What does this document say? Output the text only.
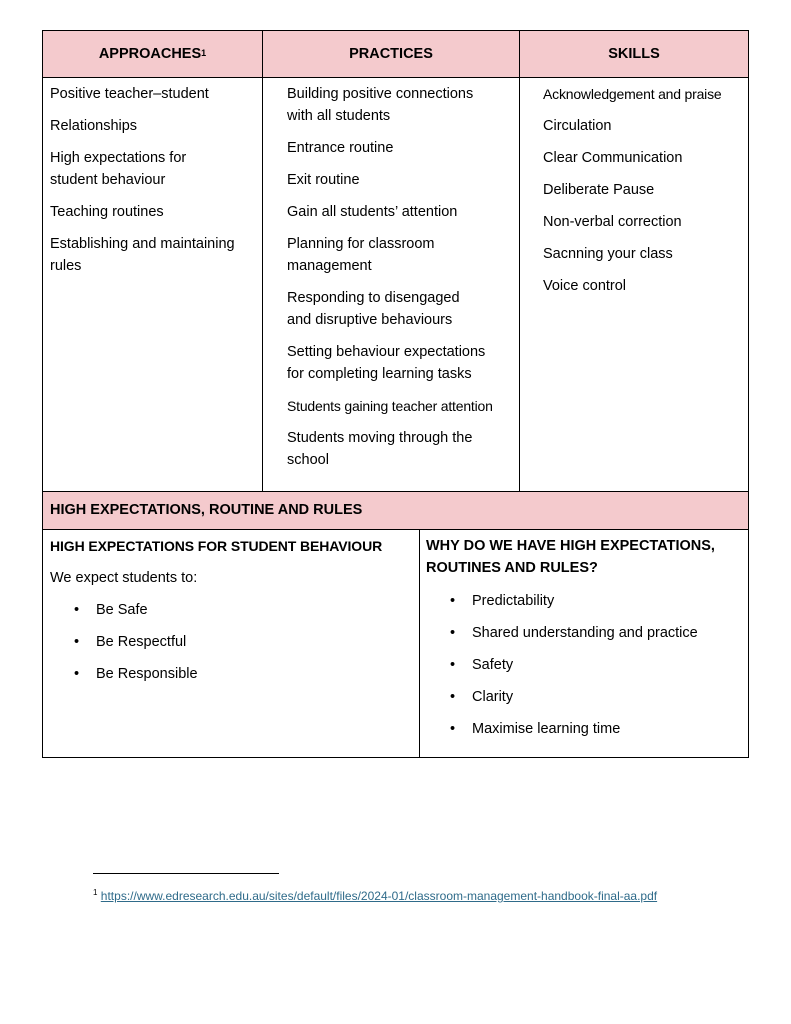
APPROACHES$^1$	PRACTICES	SKILLS

Positive teacher–student

Relationships

High expectations for student behaviour

Teaching routines

Establishing and maintaining rules

Building positive connections with all students

Entrance routine

Exit routine

Gain all students’ attention

Planning for classroom management

Responding to disengaged and disruptive behaviours

Setting behaviour expectations for completing learning tasks

Students gaining teacher attention

Students moving through the school

Acknowledgement and praise

Circulation

Clear Communication

Deliberate Pause

Non-verbal correction

Sacnning your class

Voice control

HIGH EXPECTATIONS, ROUTINE AND RULES

HIGH EXPECTATIONS FOR STUDENT BEHAVIOUR

We expect students to:

• Be Safe
• Be Respectful
• Be Responsible

WHY DO WE HAVE HIGH EXPECTATIONS, ROUTINES AND RULES?

• Predictability
• Shared understanding and practice
• Safety
• Clarity
• Maximise learning time
$^1$ https://www.edresearch.edu.au/sites/default/files/2024-01/classroom-management-handbook-final-aa.pdf
